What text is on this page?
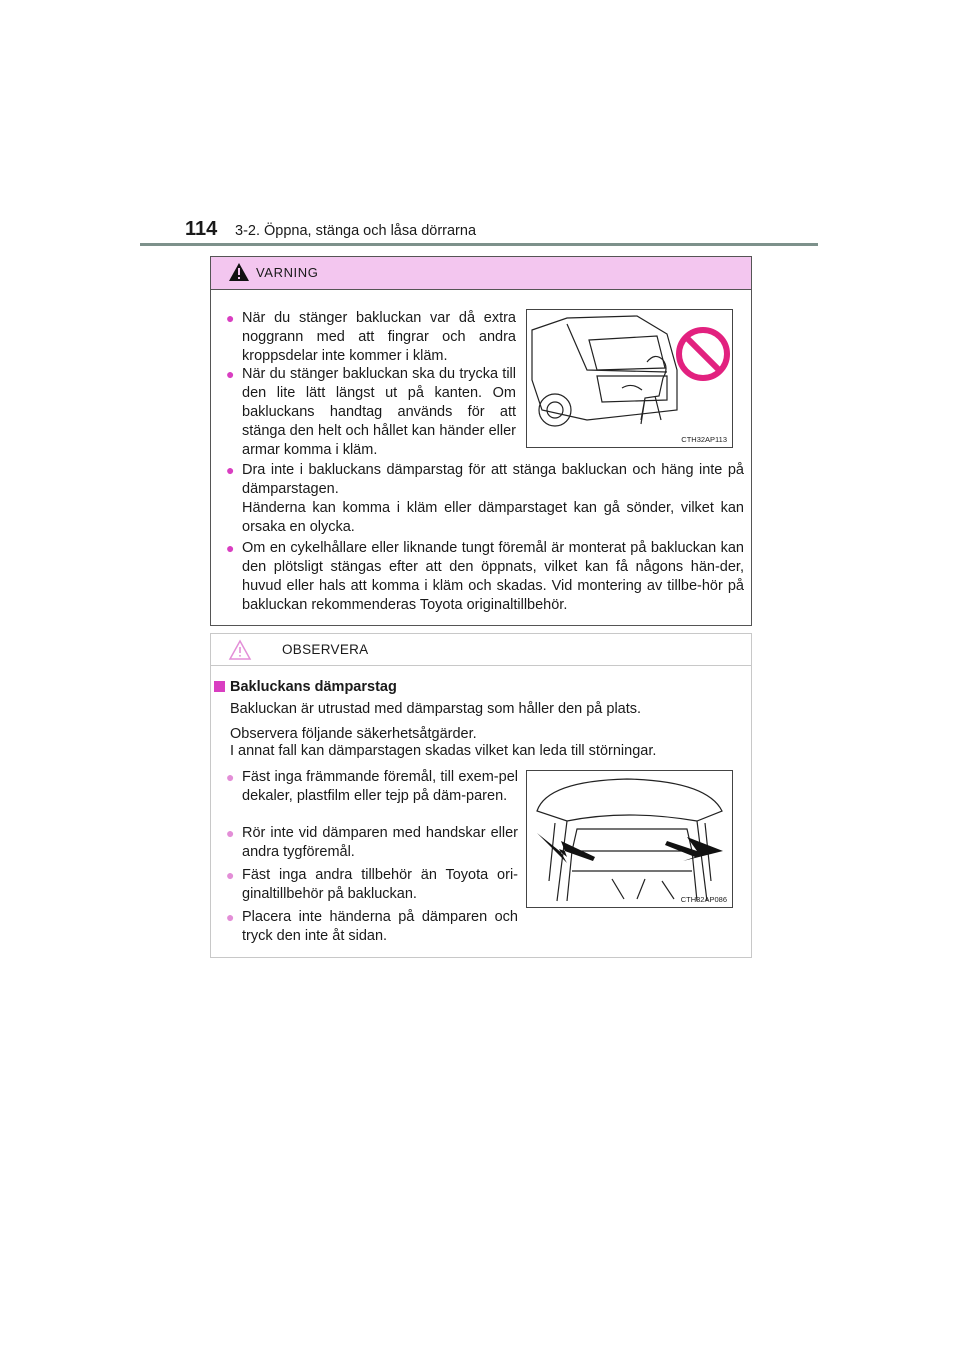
114 3-2. Öppna, stänga och låsa dörrarna
VARNING
● När du stänger bakluckan var då extra noggrann med att fingrar och andra kroppsdelar inte kommer i kläm.
● När du stänger bakluckan ska du trycka till den lite lätt längst ut på kanten. Om bakluckans handtag används för att stänga den helt och hållet kan händer eller armar komma i kläm.
● Dra inte i bakluckans dämparstag för att stänga bakluckan och häng inte på dämparstagen.
Händerna kan komma i kläm eller dämparstaget kan gå sönder, vilket kan orsaka en olycka.
● Om en cykelhållare eller liknande tungt föremål är monterat på bakluckan kan den plötsligt stängas efter att den öppnats, vilket kan få någons hän-der, huvud eller hals att komma i kläm och skadas. Vid montering av tillbe-hör på bakluckan rekommenderas Toyota originaltillbehör.
CTH32AP113
OBSERVERA
Bakluckans dämparstag
Bakluckan är utrustad med dämparstag som håller den på plats.
Observera följande säkerhetsåtgärder.
I annat fall kan dämparstagen skadas vilket kan leda till störningar.
● Fäst inga främmande föremål, till exem-pel dekaler, plastfilm eller tejp på däm-paren.
● Rör inte vid dämparen med handskar eller andra tygföremål.
● Fäst inga andra tillbehör än Toyota ori-ginaltillbehör på bakluckan.
● Placera inte händerna på dämparen och tryck den inte åt sidan.
CTH32AP086
